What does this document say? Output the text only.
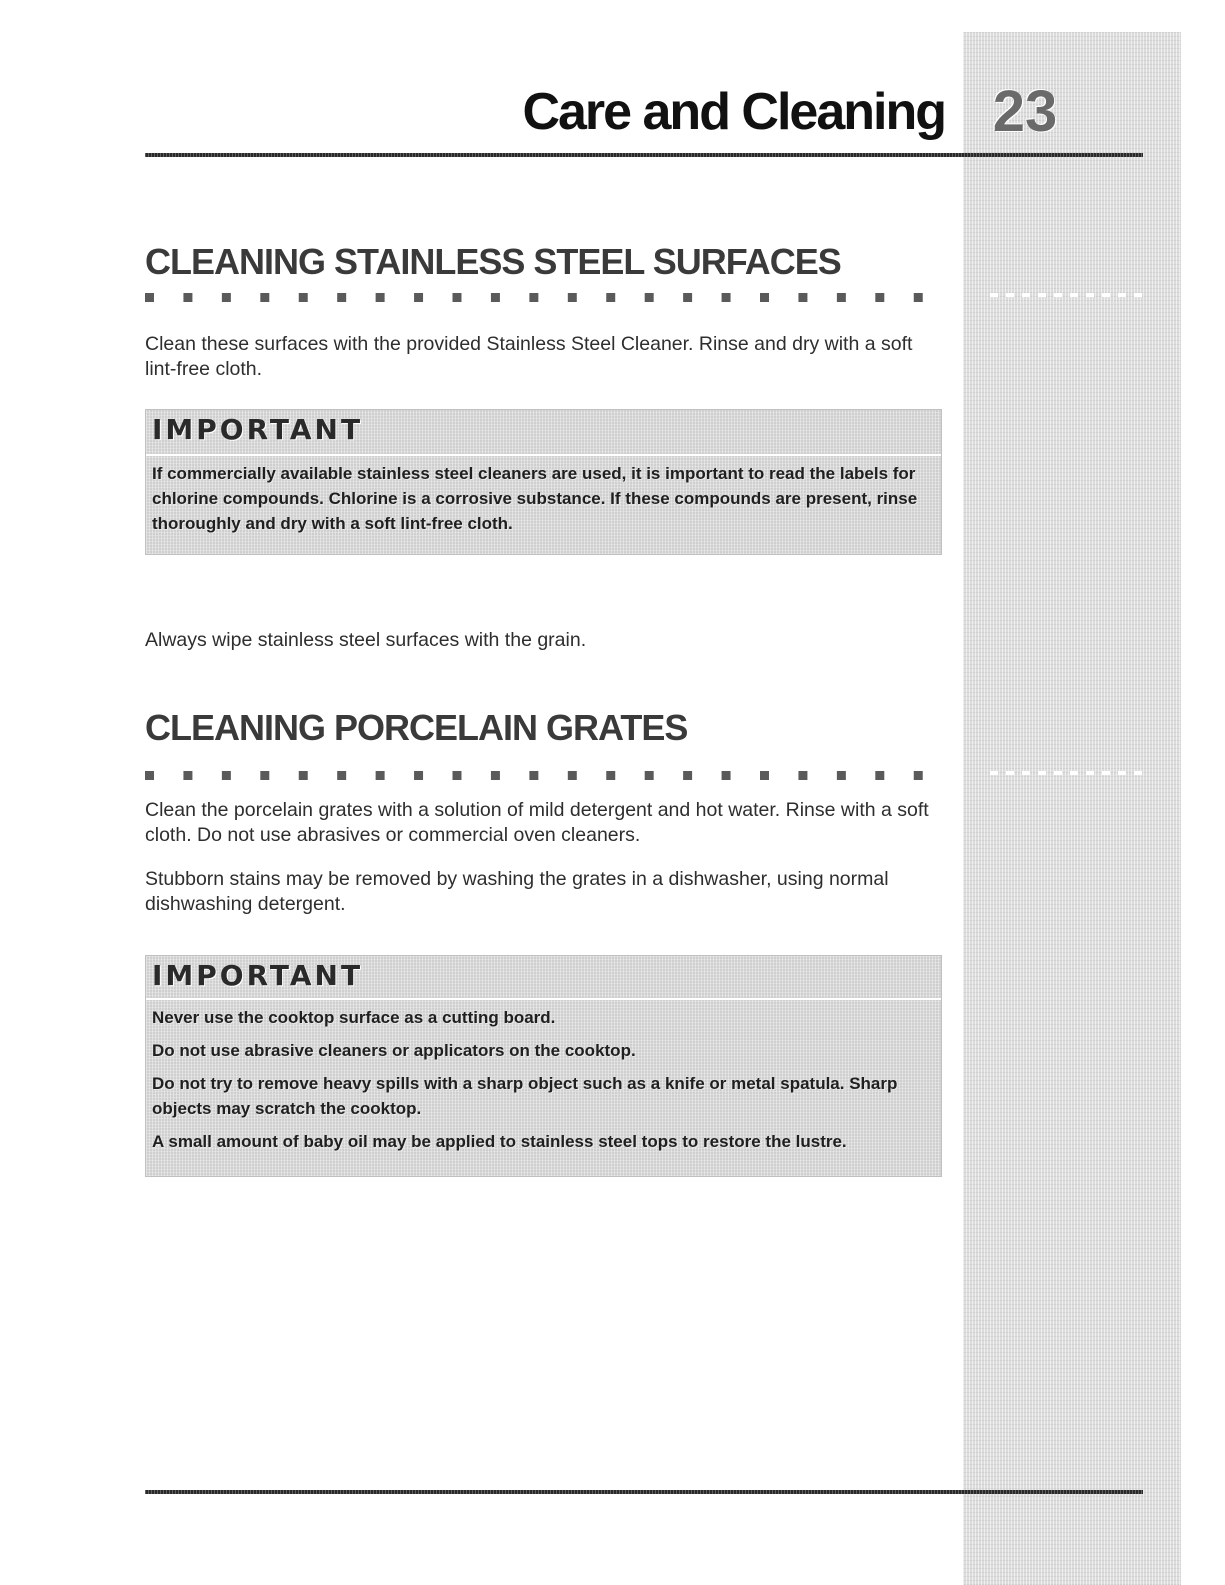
Care and Cleaning 23
CLEANING STAINLESS STEEL SURFACES

Clean these surfaces with the provided Stainless Steel Cleaner. Rinse and dry with a soft lint-free cloth.

IMPORTANT

If commercially available stainless steel cleaners are used, it is important to read the labels for chlorine compounds. Chlorine is a corrosive substance. If these compounds are present, rinse thoroughly and dry with a soft lint-free cloth.

Always wipe stainless steel surfaces with the grain.

CLEANING PORCELAIN GRATES

Clean the porcelain grates with a solution of mild detergent and hot water. Rinse with a soft cloth. Do not use abrasives or commercial oven cleaners.

Stubborn stains may be removed by washing the grates in a dishwasher, using normal dishwashing detergent.

IMPORTANT

Never use the cooktop surface as a cutting board.

Do not use abrasive cleaners or applicators on the cooktop.

Do not try to remove heavy spills with a sharp object such as a knife or metal spatula. Sharp objects may scratch the cooktop.

A small amount of baby oil may be applied to stainless steel tops to restore the lustre.
